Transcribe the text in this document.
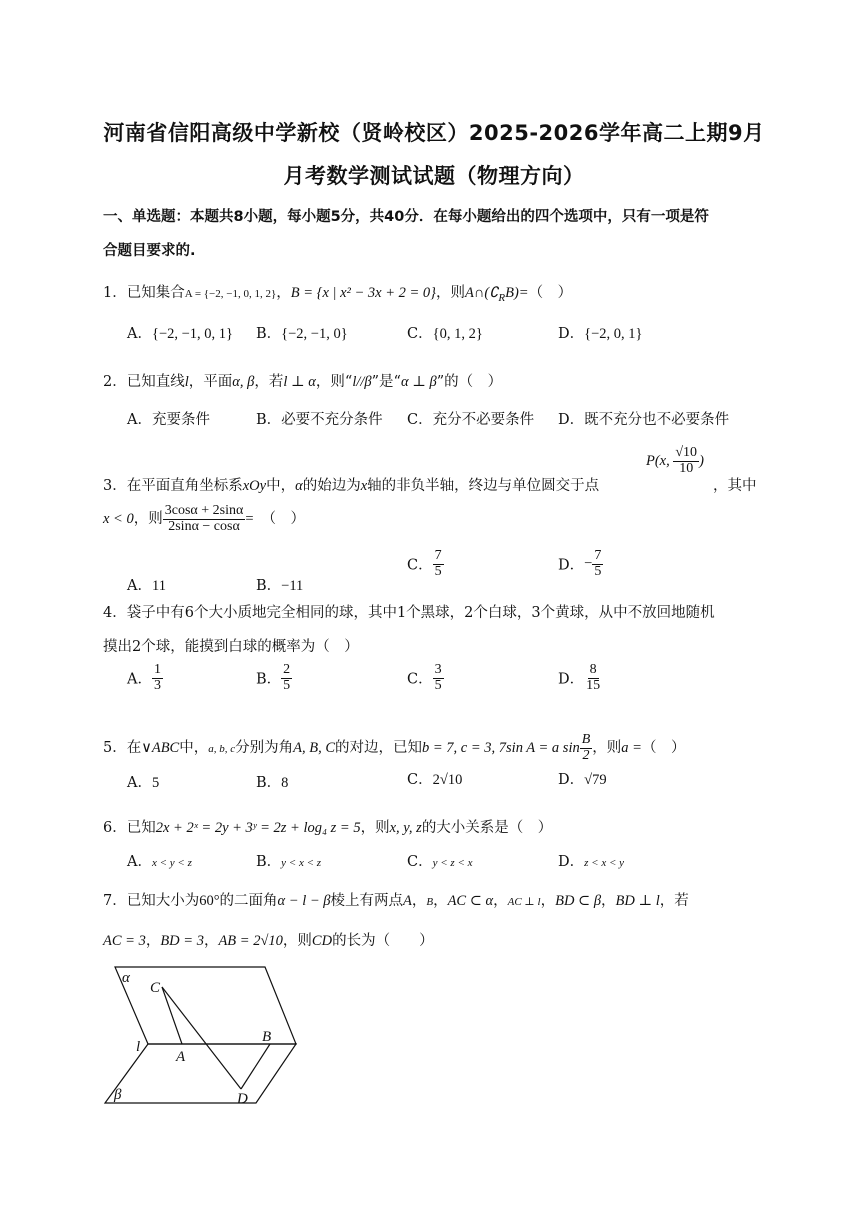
河南省信阳高级中学新校（贤岭校区）2025-2026学年高二上期9月
月考数学测试试题（物理方向）
一、单选题：本题共8小题，每小题5分，共40分．在每小题给出的四个选项中，只有一项是符
合题目要求的.
1．已知集合A = {−2, −1, 0, 1, 2}，B = {x | x² − 3x + 2 = 0}，则$A\cap(∁_RB)=$（　）
A．{−2, −1, 0, 1} B．{−2, −1, 0}	C．{0, 1, 2}	D．{−2, 0, 1}
2．已知直线l，平面α, β，若l ⊥ α，则“l//β”是“α ⊥ β”的（　）
A．充要条件	B．必要不充分条件 C．充分不必要条件 D．既不充分也不必要条件
3．在平面直角坐标系xOy中，α的始边为x轴的非负半轴，终边与单位圆交于点
P(x, $\frac{√10}{10}$ )
，其中
x < 0，则 $\frac{3\cos\alpha + 2\sin\alpha}{2\sin\alpha - \cos\alpha}$ = （　）
A．11	B．−11
C． $\frac{7}{5}$	D．− $\frac{7}{5}$
4．袋子中有6个大小质地完全相同的球，其中1个黑球，2个白球，3个黄球，从中不放回地随机
摸出2个球，能摸到白球的概率为（　）
A． $\frac{1}{3}$	B． $\frac{2}{5}$	C． $\frac{3}{5}$	D． $\frac{8}{15}$
5．在∨ABC中，a, b, c分别为角A, B, C的对边，已知b = 7, c = 3, 7sin A = a $\sin \frac{B}{2}$ ，则a =（　）
A．5	B．8	C．2√10	D．√79
6．已知2x + 2ˣ = 2y + 3ʸ = 2z + log₄ z = 5，则x, y, z的大小关系是（　）
A．x < y < z	B．y < x < z	C．y < z < x	D．z < x < y
7．已知大小为60°的二面角α − l − β棱上有两点A，B，AC ⊂ α，AC ⊥ l，BD ⊂ β，BD ⊥ l，若
AC = 3，BD = 3，AB = 2√10，则CD的长为（　　）
α
C
l
A
B
β	D
